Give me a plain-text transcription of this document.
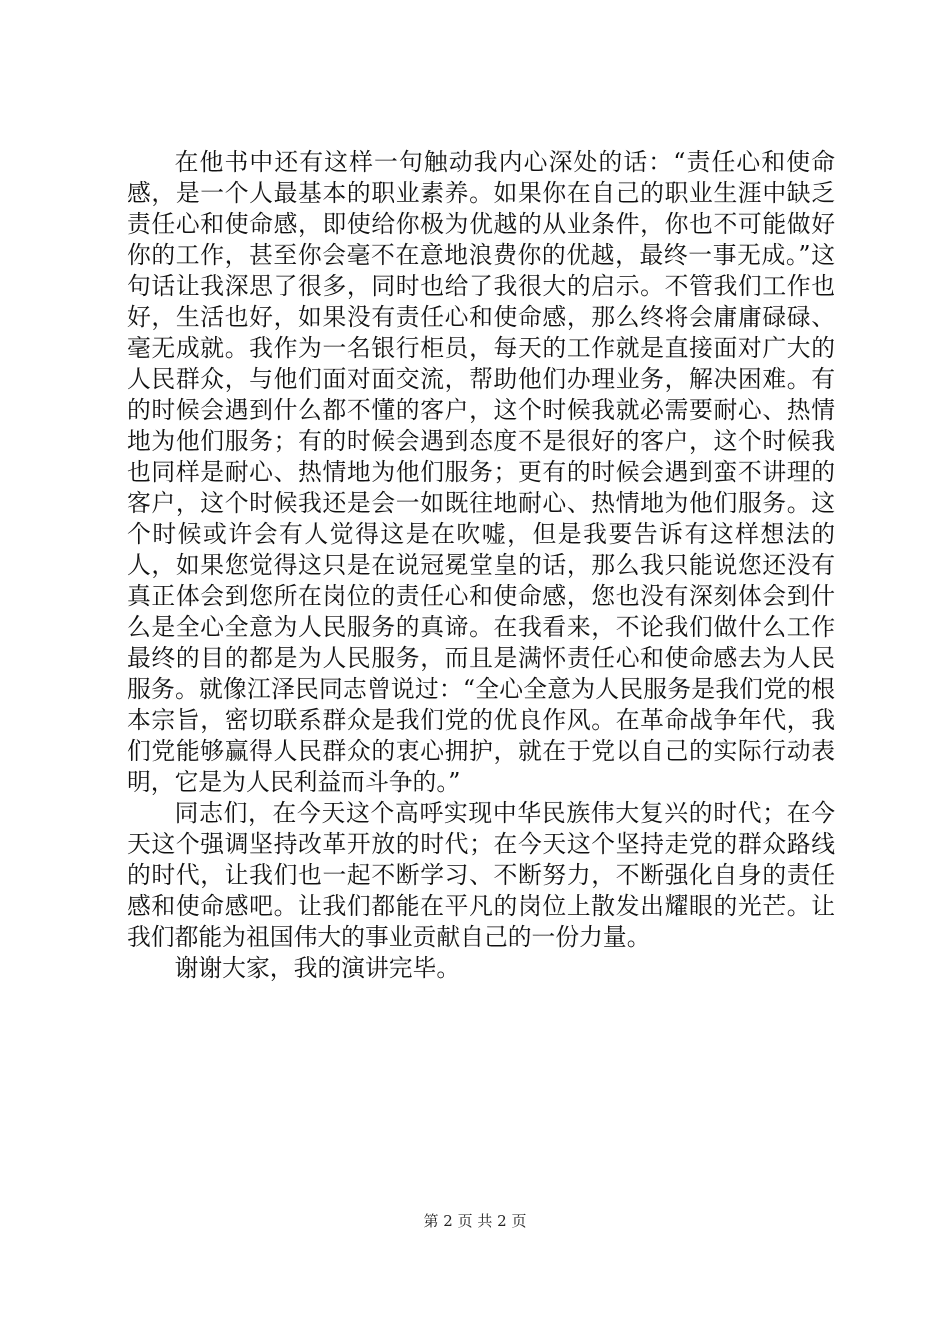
在他书中还有这样一句触动我内心深处的话：“责任心和使命感，是一个人最基本的职业素养。如果你在自己的职业生涯中缺乏责任心和使命感，即使给你极为优越的从业条件，你也不可能做好你的工作，甚至你会毫不在意地浪费你的优越，最终一事无成。”这句话让我深思了很多，同时也给了我很大的启示。不管我们工作也好，生活也好，如果没有责任心和使命感，那么终将会庸庸碌碌、毫无成就。我作为一名银行柜员，每天的工作就是直接面对广大的人民群众，与他们面对面交流，帮助他们办理业务，解决困难。有的时候会遇到什么都不懂的客户，这个时候我就必需要耐心、热情地为他们服务；有的时候会遇到态度不是很好的客户，这个时候我也同样是耐心、热情地为他们服务；更有的时候会遇到蛮不讲理的客户，这个时候我还是会一如既往地耐心、热情地为他们服务。这个时候或许会有人觉得这是在吹嘘，但是我要告诉有这样想法的人，如果您觉得这只是在说冠冕堂皇的话，那么我只能说您还没有真正体会到您所在岗位的责任心和使命感，您也没有深刻体会到什么是全心全意为人民服务的真谛。在我看来，不论我们做什么工作最终的目的都是为人民服务，而且是满怀责任心和使命感去为人民服务。就像江泽民同志曾说过：“全心全意为人民服务是我们党的根本宗旨，密切联系群众是我们党的优良作风。在革命战争年代，我们党能够赢得人民群众的衷心拥护，就在于党以自己的实际行动表明，它是为人民利益而斗争的。”

同志们，在今天这个高呼实现中华民族伟大复兴的时代；在今天这个强调坚持改革开放的时代；在今天这个坚持走党的群众路线的时代，让我们也一起不断学习、不断努力，不断强化自身的责任感和使命感吧。让我们都能在平凡的岗位上散发出耀眼的光芒。让我们都能为祖国伟大的事业贡献自己的一份力量。

谢谢大家，我的演讲完毕。

第 2 页 共 2 页
